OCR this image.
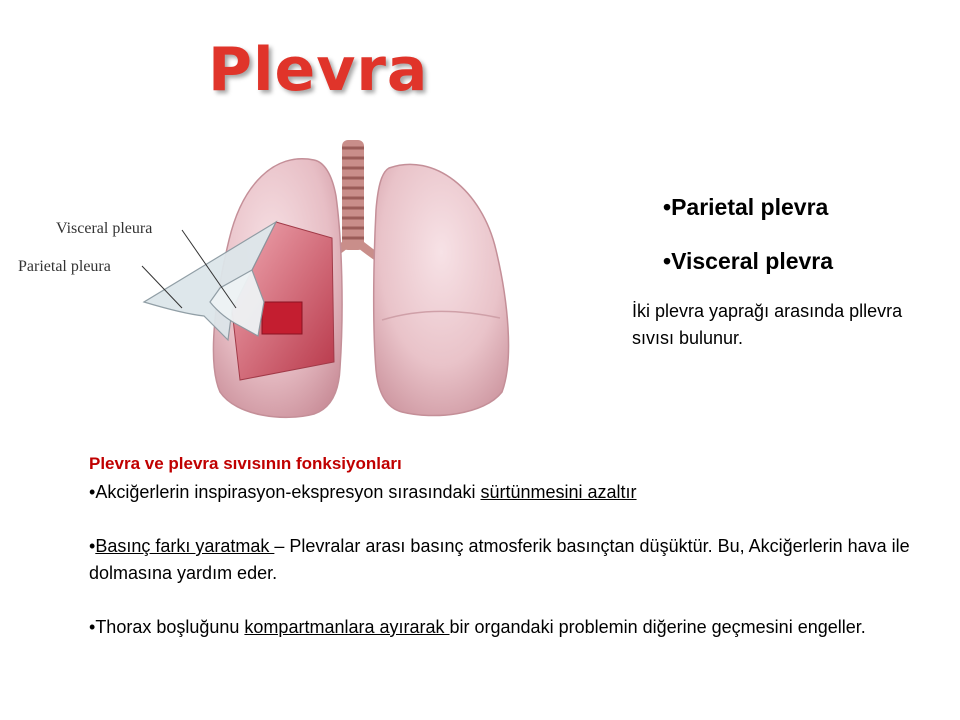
Plevra
Visceral pleura
Parietal pleura
•Parietal plevra
•Visceral plevra
İki plevra yaprağı arasında pllevra sıvısı bulunur.
Plevra ve plevra sıvısının fonksiyonları
•Akciğerlerin inspirasyon-ekspresyon sırasındaki sürtünmesini azaltır
•Basınç farkı yaratmak – Plevralar arası basınç atmosferik basınçtan düşüktür. Bu, Akciğerlerin hava ile dolmasına yardım eder.
•Thorax boşluğunu kompartmanlara ayırarak bir organdaki problemin diğerine geçmesini engeller.
